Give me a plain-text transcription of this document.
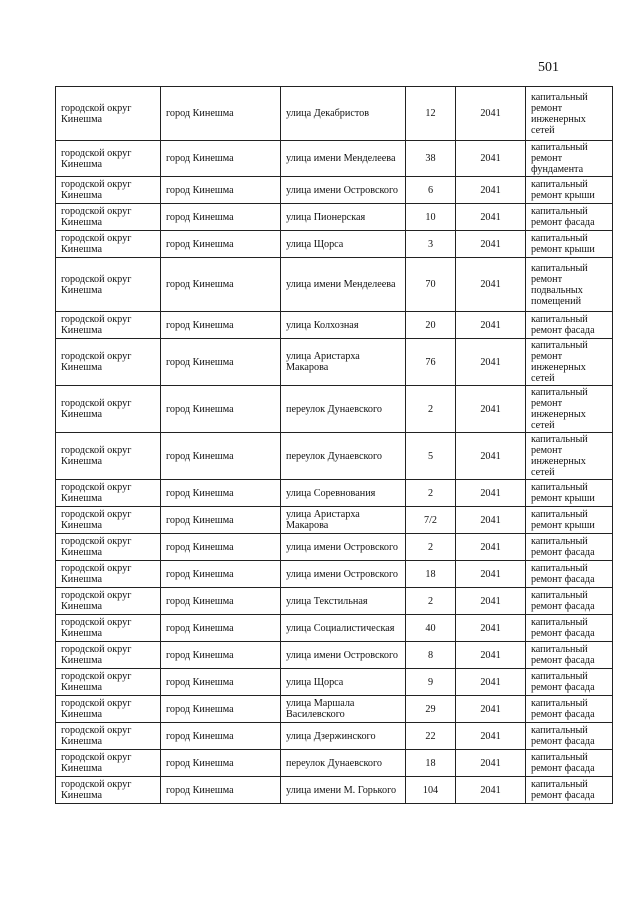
501
городской округ Кинешма	город Кинешма	улица Декабристов	12	2041	капитальный ремонт инженерных сетей
городской округ Кинешма	город Кинешма	улица имени Менделеева	38	2041	капитальный ремонт фундамента
городской округ Кинешма	город Кинешма	улица имени Островского	6	2041	капитальный ремонт крыши
городской округ Кинешма	город Кинешма	улица Пионерская	10	2041	капитальный ремонт фасада
городской округ Кинешма	город Кинешма	улица Щорса	3	2041	капитальный ремонт крыши
городской округ Кинешма	город Кинешма	улица имени Менделеева	70	2041	капитальный ремонт подвальных помещений
городской округ Кинешма	город Кинешма	улица Колхозная	20	2041	капитальный ремонт фасада
городской округ Кинешма	город Кинешма	улица Аристарха Макарова	76	2041	капитальный ремонт инженерных сетей
городской округ Кинешма	город Кинешма	переулок Дунаевского	2	2041	капитальный ремонт инженерных сетей
городской округ Кинешма	город Кинешма	переулок Дунаевского	5	2041	капитальный ремонт инженерных сетей
городской округ Кинешма	город Кинешма	улица Соревнования	2	2041	капитальный ремонт крыши
городской округ Кинешма	город Кинешма	улица Аристарха Макарова	7/2	2041	капитальный ремонт крыши
городской округ Кинешма	город Кинешма	улица имени Островского	2	2041	капитальный ремонт фасада
городской округ Кинешма	город Кинешма	улица имени Островского	18	2041	капитальный ремонт фасада
городской округ Кинешма	город Кинешма	улица Текстильная	2	2041	капитальный ремонт фасада
городской округ Кинешма	город Кинешма	улица Социалистическая	40	2041	капитальный ремонт фасада
городской округ Кинешма	город Кинешма	улица имени Островского	8	2041	капитальный ремонт фасада
городской округ Кинешма	город Кинешма	улица Щорса	9	2041	капитальный ремонт фасада
городской округ Кинешма	город Кинешма	улица Маршала Василевского	29	2041	капитальный ремонт фасада
городской округ Кинешма	город Кинешма	улица Дзержинского	22	2041	капитальный ремонт фасада
городской округ Кинешма	город Кинешма	переулок Дунаевского	18	2041	капитальный ремонт фасада
городской округ Кинешма	город Кинешма	улица имени М. Горького	104	2041	капитальный ремонт фасада
